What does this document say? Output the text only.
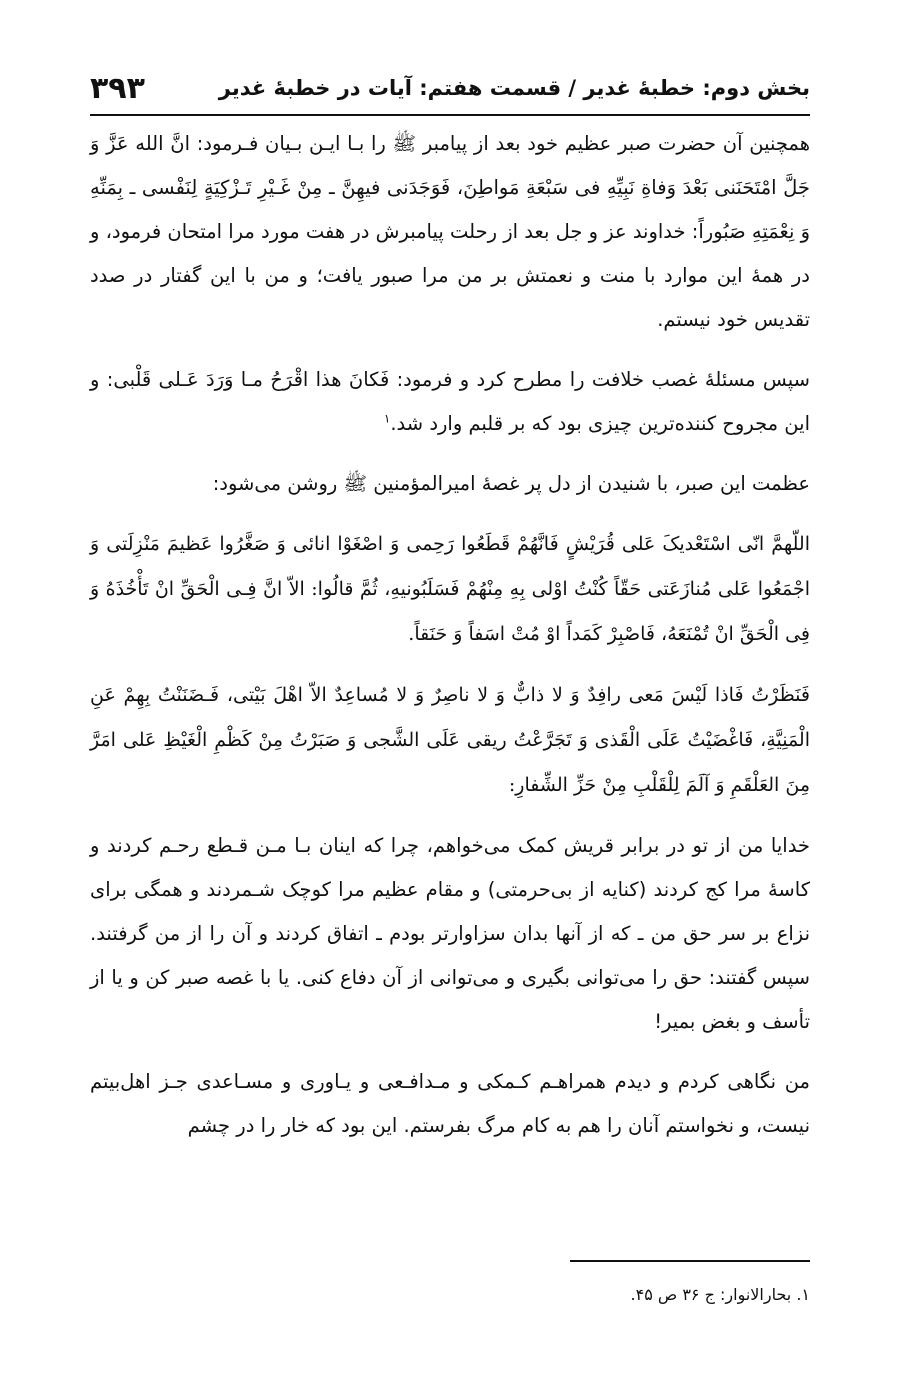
بخش دوم: خطبهٔ غدیر / قسمت هفتم: آیات در خطبهٔ غدیر
۳۹۳

همچنین آن حضرت صبر عظیم خود بعد از پیامبر ﷺ را بـا ایـن بـیان فـرمود: انَّ الله عَزَّ وَ جَلَّ امْتَحَنَنی بَعْدَ وَفاةِ نَبِیِّهِ فی سَبْعَةِ مَواطِنَ، فَوَجَدَنی فیهِنَّ ـ مِنْ غَـیْرِ تَـزْکِیَةٍ لِنَفْسی ـ بِمَنِّهِ وَ نِعْمَتِهِ صَبُوراً: خداوند عز و جل بعد از رحلت پیامبرش در هفت مورد مرا امتحان فرمود، و در همهٔ این موارد با منت و نعمتش بر من مرا صبور یافت؛ و من با این گفتار در صدد تقدیس خود نیستم.

سپس مسئلهٔ غصب خلافت را مطرح کرد و فرمود: فَکانَ هذا اقْرَحُ مـا وَرَدَ عَـلی قَلْبی: و این مجروح کننده‌ترین چیزی بود که بر قلبم وارد شد.$^۱$

عظمت این صبر، با شنیدن از دل پر غصهٔ امیرالمؤمنین ﷺ روشن می‌شود:

اللّهمَّ انّی اسْتَعْدیکَ عَلی قُرَیْشٍ فَانَّهُمْ قَطَعُوا رَحِمی وَ اصْغَوْا انائی وَ صَغَّرُوا عَظیمَ مَنْزِلَتی وَ اجْمَعُوا عَلی مُنازَعَتی حَقّاً کُنْتُ اوْلی بِهِ مِنْهُمْ فَسَلَبُونیهِ، ثُمَّ قالُوا: الاّ انَّ فِـی الْحَقِّ انْ تَأْخُذَهُ وَ فِی الْحَقِّ انْ تُمْنَعَهُ، فَاصْبِرْ کَمَداً اوْ مُتْ اسَفاً وَ حَنَقاً.

فَنَظَرْتُ فَاذا لَیْسَ مَعی رافِدٌ وَ لا ذابٌّ وَ لا ناصِرٌ وَ لا مُساعِدٌ الاّ اهْلَ بَیْتی، فَـضَنَنْتُ بِهِمْ عَنِ الْمَنِیَّةِ، فَاغْضَیْتُ عَلَی الْقَذی وَ تَجَرَّعْتُ ریقی عَلَی الشَّجی وَ صَبَرْتُ مِنْ کَظْمِ الْغَیْظِ عَلی امَرَّ مِنَ العَلْقَمِ وَ آلَمَ لِلْقَلْبِ مِنْ حَزِّ الشِّفارِ:

خدایا من از تو در برابر قریش کمک می‌خواهم، چرا که اینان بـا مـن قـطع رحـم کردند و کاسهٔ مرا کج کردند (کنایه از بی‌حرمتی) و مقام عظیم مرا کوچک شـمردند و همگی برای نزاع بر سر حق من ـ که از آنها بدان سزاوارتر بودم ـ اتفاق کردند و آن را از من گرفتند. سپس گفتند: حق را می‌توانی بگیری و می‌توانی از آن دفاع کنی. یا با غصه صبر کن و یا از تأسف و بغض بمیر!

من نگاهی کردم و دیدم همراهـم کـمکی و مـدافـعی و یـاوری و مسـاعدی جـز اهل‌بیتم نیست، و نخواستم آنان را هم به کام مرگ بفرستم. این بود که خار را در چشم

۱. بحارالانوار: ج ۳۶ ص ۴۵.
